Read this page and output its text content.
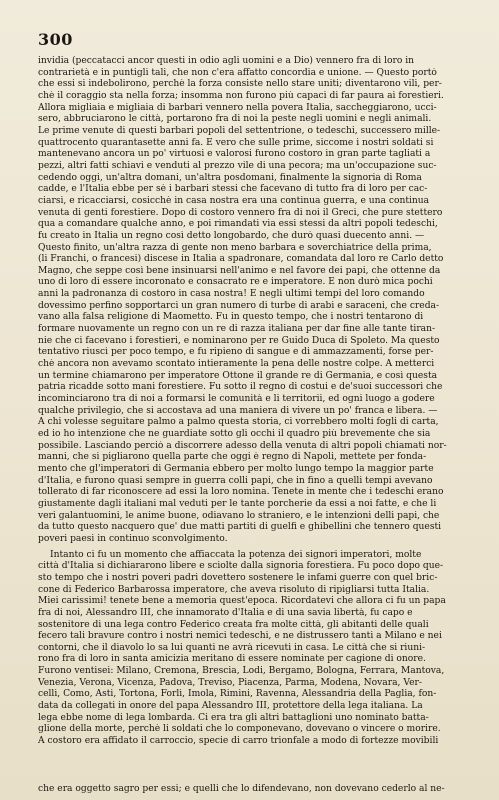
300
invidia (peccatacci ancor questi in odio agli uomini e a Dio) vennero fra di loro in
contrarietà e in puntigli tali, che non c'era affatto concordia e unione. — Questo portò
che essi si indebolirono, perchè la forza consiste nello stare uniti; diventarono vili, per-
chè il coraggio sta nella forza; insomma non furono più capaci di far paura ai forestieri.
Allora migliaia e migliaia di barbari vennero nella povera Italia, saccheggiarono, ucci-
sero, abbruciarono le città, portarono fra di noi la peste negli uomini e negli animali.
Le prime venute di questi barbari popoli del settentrione, o tedeschi, successero mille-
quattrocento quarantasette anni fa. E vero che sulle prime, siccome i nostri soldati si
mantenevano ancora un po' virtuosi e valorosi furono costoro in gran parte tagliati a
pezzi, altri fatti schiavi e venduti al prezzo vile di una pecora; ma un'occupazione suc-
cedendo oggi, un'altra domani, un'altra posdomani, finalmente la signoria di Roma
cadde, e l'Italia ebbe per sè i barbari stessi che facevano di tutto fra di loro per cac-
ciarsi, e ricacciarsi, cosicchè in casa nostra era una continua guerra, e una continua
venuta di genti forestiere. Dopo di costoro vennero fra di noi il Greci, che pure stettero
qua a comandare qualche anno, e poi rimandati via essi stessi da altri popoli tedeschi,
fu creato in Italia un regno così detto longobardo, che durò quasi duecento anni. —
Questo finito, un'altra razza di gente non meno barbara e soverchiatrice della prima,
(li Franchi, o francesi) discese in Italia a spadronare, comandata dal loro re Carlo detto
Magno, che seppe così bene insinuarsi nell'animo e nel favore dei papi, che ottenne da
uno di loro di essere incoronato e consacrato re e imperatore. E non durò mica pochi
anni la padronanza di costoro in casa nostra! E negli ultimi tempi del loro comando
dovessimo perfino sopportarci un gran numero di turbe di arabi e saraceni, che creda-
vano alla falsa religione di Maometto. Fu in questo tempo, che i nostri tentarono di
formare nuovamente un regno con un re di razza italiana per dar fine alle tante tiran-
nie che ci facevano i forestieri, e nominarono per re Guido Duca di Spoleto. Ma questo
tentativo riuscì per poco tempo, e fu ripieno di sangue e di ammazzamenti, forse per-
chè ancora non avevamo scontato intieramente la pena delle nostre colpe. A metterci
un termine chiamarono per imperatore Ottone il grande re di Germania, e così questa
patria ricadde sotto mani forestiere. Fu sotto il regno di costui e de'suoi successori che
incominciarono tra di noi a formarsi le comunità e li territorii, ed ogni luogo a godere
qualche privilegio, che si accostava ad una maniera di vivere un po' franca e libera. —
A chi volesse seguitare palmo a palmo questa storia, ci vorrebbero molti fogli di carta,
ed io ho intenzione che ne guardiate sotto gli occhi il quadro più brevemente che sia
possibile. Lasciando perciò a discorrere adesso della venuta di altri popoli chiamati nor-
manni, che si pigliarono quella parte che oggi è regno di Napoli, mettete per fonda-
mento che gl'imperatori di Germania ebbero per molto lungo tempo la maggior parte
d'Italia, e furono quasi sempre in guerra colli papi, che in fino a quelli tempi avevano
tollerato di far riconoscere ad essi la loro nomina. Tenete in mente che i tedeschi erano
giustamente dagli italiani mal veduti per le tante porcherie da essi a noi fatte, e che li
veri galantuomini, le anime buone, odiavano lo straniero, e le intenzioni delli papi, che
da tutto questo nacquero que' due matti partiti di guelfi e ghibellini che tennero questi
poveri paesi in continuo sconvolgimento.
Intanto ci fu un momento che affiaccata la potenza dei signori imperatori, molte
città d'Italia si dichiararono libere e sciolte dalla signoria forestiera. Fu poco dopo que-
sto tempo che i nostri poveri padri dovettero sostenere le infami guerre con quel bric-
cone di Federico Barbarossa imperatore, che aveva risoluto di ripigliarsi tutta Italia.
Miei carissimi! tenete bene a memoria quest'epoca. Ricordatevi che allora ci fu un papa
fra di noi, Alessandro III, che innamorato d'Italia e di una savia libertà, fu capo e
sostenitore di una lega contro Federico creata fra molte città, gli abitanti delle quali
fecero tali bravure contro i nostri nemici tedeschi, e ne distrussero tanti a Milano e nei
contorni, che il diavolo lo sa lui quanti ne avrà ricevuti in casa. Le città che si riuni-
rono fra di loro in santa amicizia meritano di essere nominate per cagione di onore.
Furono ventisei: Milano, Cremona, Brescia, Lodi, Bergamo, Bologna, Ferrara, Mantova,
Venezia, Verona, Vicenza, Padova, Treviso, Piacenza, Parma, Modena, Novara, Ver-
celli, Como, Asti, Tortona, Forlì, Imola, Rimini, Ravenna, Alessandria della Paglia, fon-
data da collegati in onore del papa Alessandro III, protettore della lega italiana. La
lega ebbe nome di lega lombarda. Ci era tra gli altri battaglioni uno nominato batta-
glione della morte, perchè li soldati che lo componevano, dovevano o vincere o morire.
A costoro era affidato il carroccio, specie di carro trionfale a modo di fortezze movibili
che era oggetto sagro per essi; e quelli che lo difendevano, non dovevano cederlo al ne-
